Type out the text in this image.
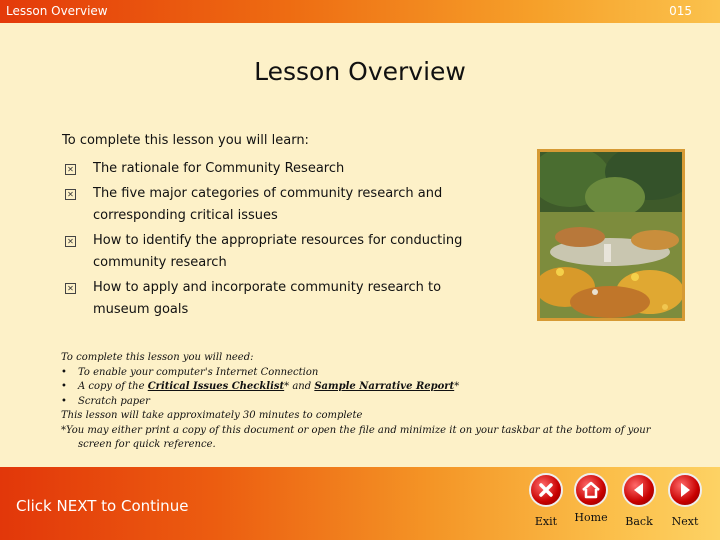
Lesson Overview	015
Lesson Overview
To complete this lesson you will learn:
✕ The rationale for Community Research
✕ The five major categories of community research and corresponding critical issues
✕ How to identify the appropriate resources for conducting community research
✕ How to apply and incorporate community research to museum goals
To complete this lesson you will need:
• To enable your computer's Internet Connection
• A copy of the Critical Issues Checklist* and Sample Narrative Report*
• Scratch paper
This lesson will take approximately 30 minutes to complete
*You may either print a copy of this document or open the file and minimize it on your taskbar at the bottom of your screen for quick reference.
Click NEXT to Continue
Exit	Home	Back	Next
